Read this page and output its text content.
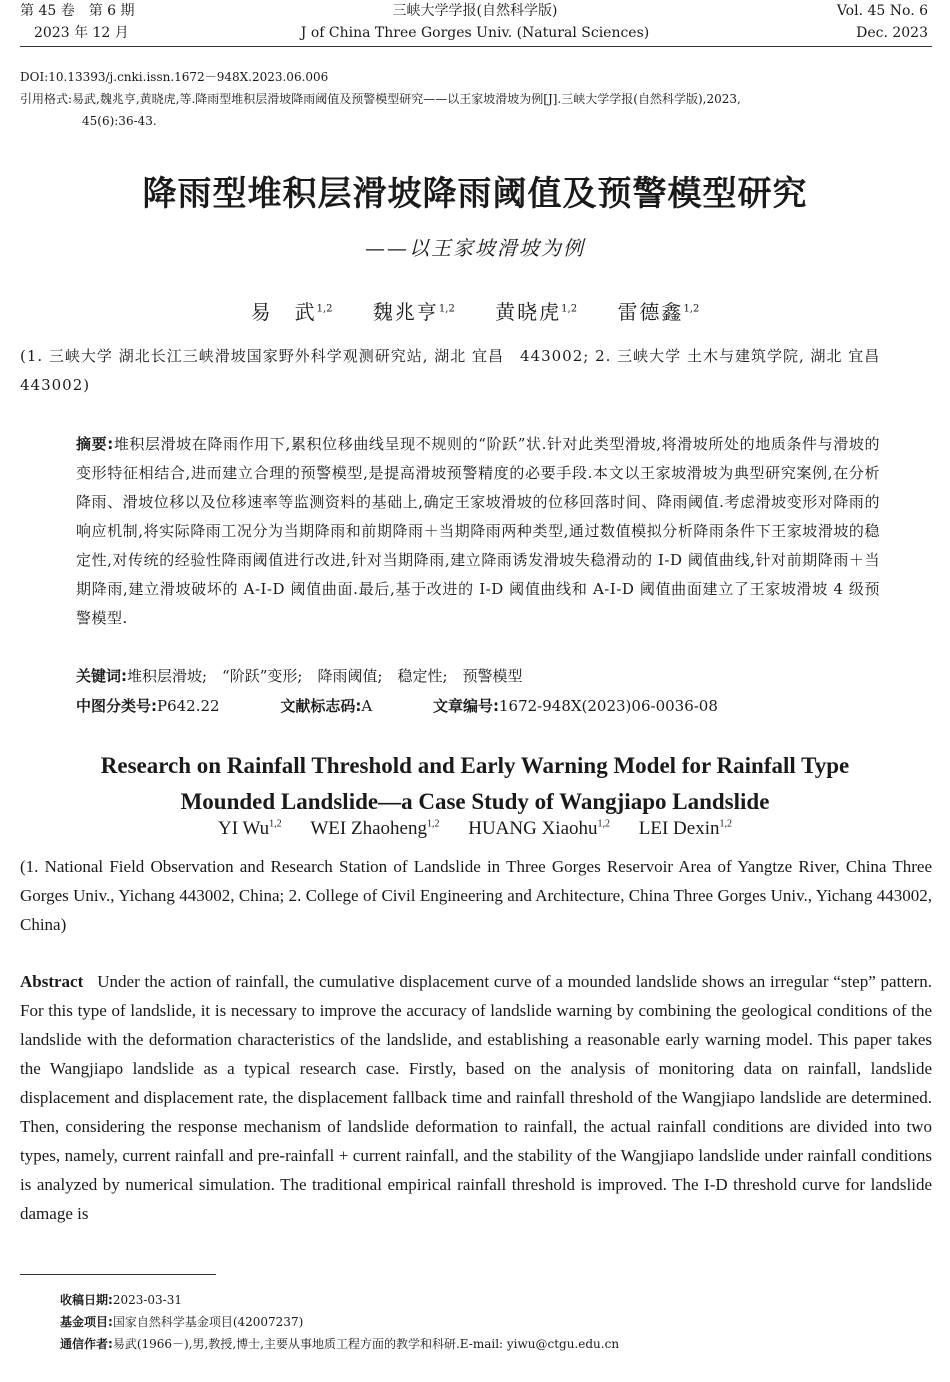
第 45 卷　第 6 期
2023 年 12 月
三峡大学学报(自然科学版)
J of China Three Gorges Univ. (Natural Sciences)
Vol. 45 No. 6
Dec. 2023
DOI:10.13393/j.cnki.issn.1672－948X.2023.06.006
引用格式:易武,魏兆亨,黄晓虎,等.降雨型堆积层滑坡降雨阈值及预警模型研究——以王家坡滑坡为例[J].三峡大学学报(自然科学版),2023,
45(6):36-43.
降雨型堆积层滑坡降雨阈值及预警模型研究
——以王家坡滑坡为例
易　武$^{1,2}$ 魏兆亨$^{1,2}$ 黄晓虎$^{1,2}$ 雷德鑫$^{1,2}$
(1. 三峡大学 湖北长江三峡滑坡国家野外科学观测研究站, 湖北 宜昌　443002; 2. 三峡大学 土木与建筑学院, 湖北 宜昌　443002)
摘要:堆积层滑坡在降雨作用下,累积位移曲线呈现不规则的“阶跃”状.针对此类型滑坡,将滑坡所处的地质条件与滑坡的变形特征相结合,进而建立合理的预警模型,是提高滑坡预警精度的必要手段.本文以王家坡滑坡为典型研究案例,在分析降雨、滑坡位移以及位移速率等监测资料的基础上,确定王家坡滑坡的位移回落时间、降雨阈值.考虑滑坡变形对降雨的响应机制,将实际降雨工况分为当期降雨和前期降雨＋当期降雨两种类型,通过数值模拟分析降雨条件下王家坡滑坡的稳定性,对传统的经验性降雨阈值进行改进,针对当期降雨,建立降雨诱发滑坡失稳滑动的 I-D 阈值曲线,针对前期降雨＋当期降雨,建立滑坡破坏的 A-I-D 阈值曲面.最后,基于改进的 I-D 阈值曲线和 A-I-D 阈值曲面建立了王家坡滑坡 4 级预警模型.
关键词:堆积层滑坡;　“阶跃”变形;　降雨阈值;　稳定性;　预警模型
中图分类号:P642.22	文献标志码:A	文章编号:1672-948X(2023)06-0036-08
Research on Rainfall Threshold and Early Warning Model for Rainfall Type
Mounded Landslide—a Case Study of Wangjiapo Landslide
YI Wu$^{1,2}$ WEI Zhaoheng$^{1,2}$ HUANG Xiaohu$^{1,2}$ LEI Dexin$^{1,2}$
(1. National Field Observation and Research Station of Landslide in Three Gorges Reservoir Area of Yangtze River, China Three Gorges Univ., Yichang 443002, China; 2. College of Civil Engineering and Architecture, China Three Gorges Univ., Yichang 443002, China)
Abstract Under the action of rainfall, the cumulative displacement curve of a mounded landslide shows an irregular “step” pattern. For this type of landslide, it is necessary to improve the accuracy of landslide warning by combining the geological conditions of the landslide with the deformation characteristics of the landslide, and establishing a reasonable early warning model. This paper takes the Wangjiapo landslide as a typical research case. Firstly, based on the analysis of monitoring data on rainfall, landslide displacement and displacement rate, the displacement fallback time and rainfall threshold of the Wangjiapo landslide are determined. Then, considering the response mechanism of landslide deformation to rainfall, the actual rainfall conditions are divided into two types, namely, current rainfall and pre-rainfall + current rainfall, and the stability of the Wangjiapo landslide under rainfall conditions is analyzed by numerical simulation. The traditional empirical rainfall threshold is improved. The I-D threshold curve for landslide damage is
收稿日期:2023-03-31
基金项目:国家自然科学基金项目(42007237)
通信作者:易武(1966－),男,教授,博士,主要从事地质工程方面的教学和科研.E-mail: yiwu@ctgu.edu.cn
